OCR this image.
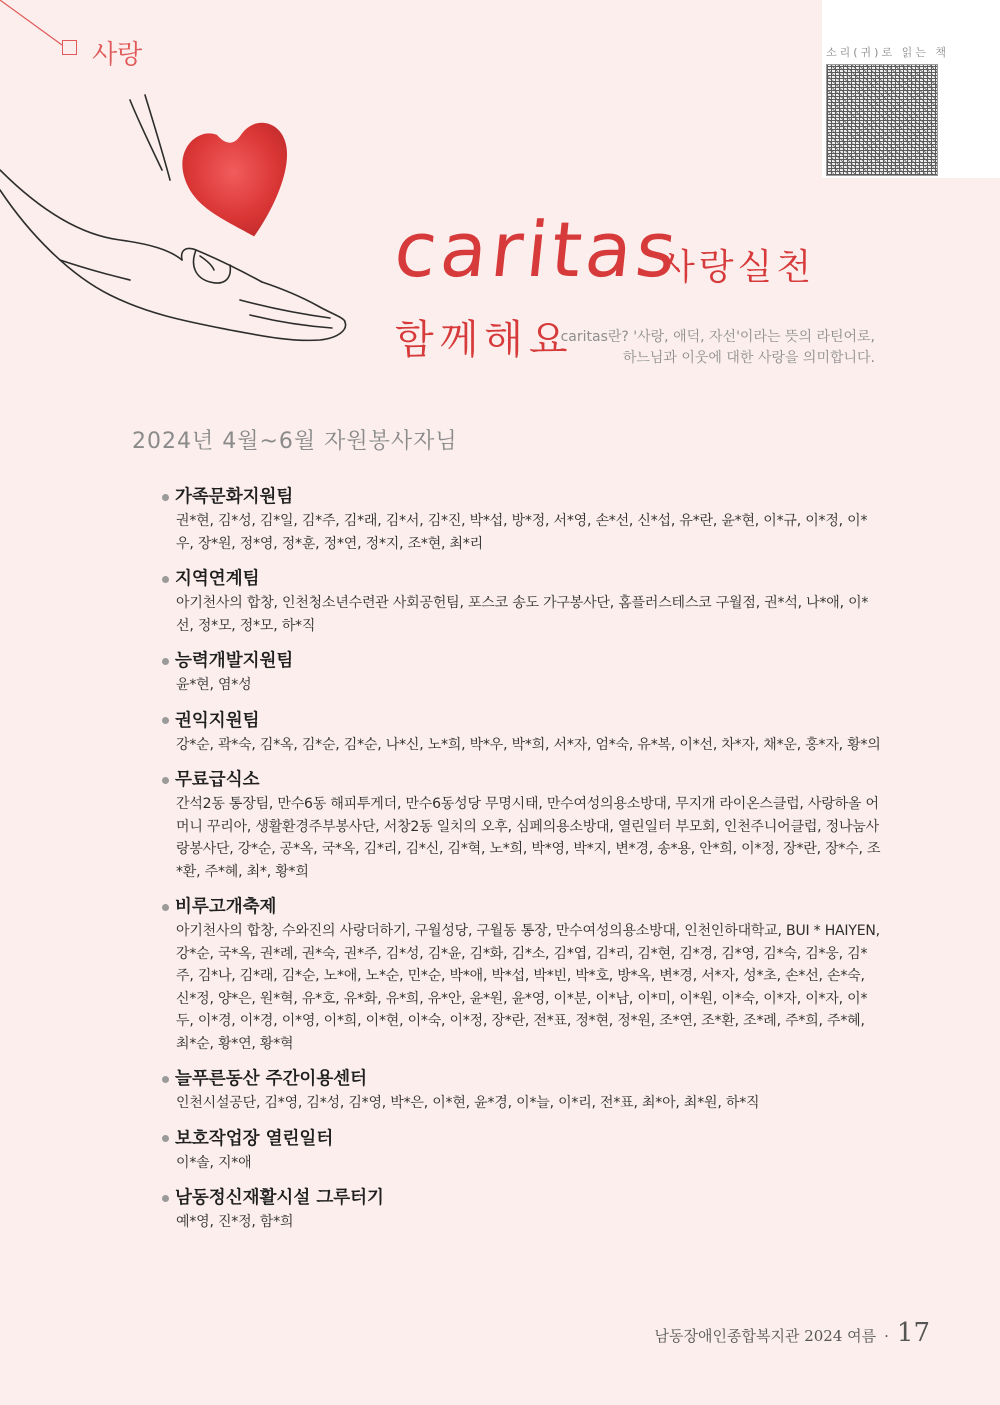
사랑	소리(귀)로 읽는 책
caritas
사랑실천
함께해요
caritas란? '사랑, 애덕, 자선'이라는 뜻의 라틴어로, 하느님과 이웃에 대한 사랑을 의미합니다.
2024년 4월~6월 자원봉사자님
가족문화지원팀
권*현, 김*성, 김*일, 김*주, 김*래, 김*서, 김*진, 박*섭, 방*정, 서*영, 손*선, 신*섭, 유*란, 윤*현, 이*규, 이*정, 이*우, 장*원, 정*영, 정*훈, 정*연, 정*지, 조*현, 최*리
지역연계팀
아기천사의 합창, 인천청소년수련관 사회공헌팀, 포스코 송도 가구봉사단, 홈플러스테스코 구월점, 권*석, 나*애, 이*선, 정*모, 정*모, 하*직
능력개발지원팀
윤*현, 염*성
권익지원팀
강*순, 곽*숙, 김*옥, 김*순, 김*순, 나*신, 노*희, 박*우, 박*희, 서*자, 엄*숙, 유*복, 이*선, 차*자, 채*운, 홍*자, 황*의
무료급식소
간석2동 통장팀, 만수6동 해피투게더, 만수6동성당 무명시태, 만수여성의용소방대, 무지개 라이온스클럽, 사랑하올 어머니 꾸리아, 생활환경주부봉사단, 서창2동 일치의 오후, 심페의용소방대, 열린일터 부모회, 인천주니어클럽, 정나눔사랑봉사단, 강*순, 공*옥, 국*옥, 김*리, 김*신, 김*혁, 노*희, 박*영, 박*지, 변*경, 송*용, 안*희, 이*정, 장*란, 장*수, 조*환, 주*혜, 최*, 황*희
비루고개축제
아기천사의 합창, 수와진의 사랑더하기, 구월성당, 구월동 통장, 만수여성의용소방대, 인천인하대학교, BUI * HAIYEN, 강*순, 국*옥, 권*례, 권*숙, 권*주, 김*성, 김*윤, 김*화, 김*소, 김*엽, 김*리, 김*현, 김*경, 김*영, 김*숙, 김*웅, 김*주, 김*나, 김*래, 김*순, 노*애, 노*순, 민*순, 박*애, 박*섭, 박*빈, 박*호, 방*옥, 변*경, 서*자, 성*초, 손*선, 손*숙, 신*정, 양*은, 원*혁, 유*호, 유*화, 유*희, 유*안, 윤*원, 윤*영, 이*분, 이*남, 이*미, 이*원, 이*숙, 이*자, 이*자, 이*두, 이*경, 이*경, 이*영, 이*희, 이*현, 이*숙, 이*정, 장*란, 전*표, 정*현, 정*원, 조*연, 조*환, 조*례, 주*희, 주*혜, 최*순, 황*연, 황*혁
늘푸른동산 주간이용센터
인천시설공단, 김*영, 김*성, 김*영, 박*은, 이*현, 윤*경, 이*늘, 이*리, 전*표, 최*아, 최*원, 하*직
보호작업장 열린일터
이*솔, 지*애
남동정신재활시설 그루터기
예*영, 진*정, 함*희
남동장애인종합복지관 2024 여름 · 17
